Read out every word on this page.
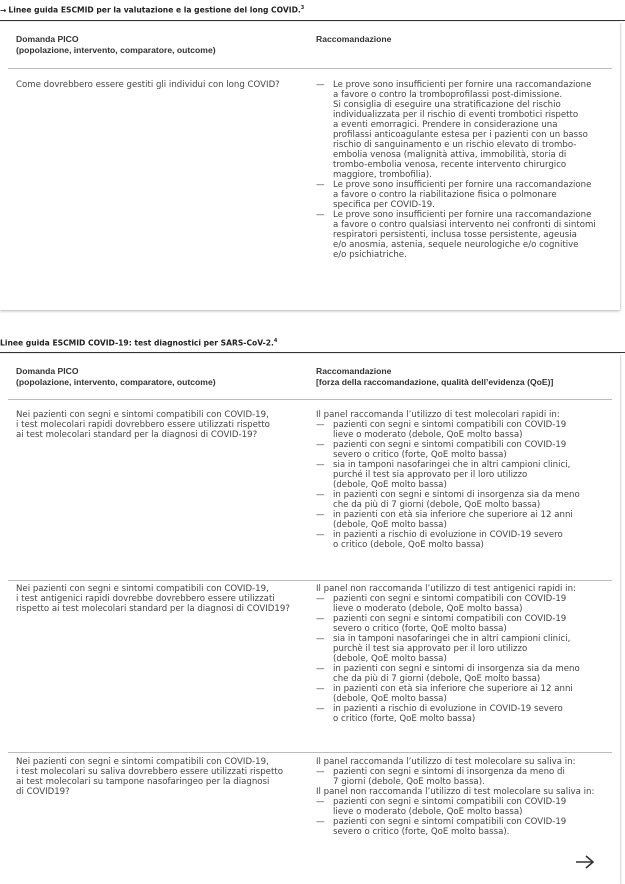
→ Linee guida ESCMID per la valutazione e la gestione del long COVID.$^3$
Domanda PICO
(popolazione, intervento, comparatore, outcome)
Raccomandazione
Come dovrebbero essere gestiti gli individui con long COVID?	— Le prove sono insufficienti per fornire una raccomandazione
a favore o contro la tromboprofilassi post-dimissione.
Si consiglia di eseguire una stratificazione del rischio
individualizzata per il rischio di eventi trombotici rispetto
a eventi emorragici. Prendere in considerazione una
profilassi anticoagulante estesa per i pazienti con un basso
rischio di sanguinamento e un rischio elevato di trombo-
embolia venosa (malignità attiva, immobilità, storia di
trombo-embolia venosa, recente intervento chirurgico
maggiore, trombofilia).
— Le prove sono insufficienti per fornire una raccomandazione
a favore o contro la riabilitazione fisica o polmonare
specifica per COVID-19.
— Le prove sono insufficienti per fornire una raccomandazione
a favore o contro qualsiasi intervento nei confronti di sintomi
respiratori persistenti, inclusa tosse persistente, ageusia
e/o anosmia, astenia, sequele neurologiche e/o cognitive
e/o psichiatriche.
Linee guida ESCMID COVID-19: test diagnostici per SARS-CoV-2.$^4$
Domanda PICO
(popolazione, intervento, comparatore, outcome)
Raccomandazione
[forza della raccomandazione, qualità dell’evidenza (QoE)]
Nei pazienti con segni e sintomi compatibili con COVID-19,
i test molecolari rapidi dovrebbero essere utilizzati rispetto
ai test molecolari standard per la diagnosi di COVID-19?
Il panel raccomanda l’utilizzo di test molecolari rapidi in:
— pazienti con segni e sintomi compatibili con COVID-19
lieve o moderato (debole, QoE molto bassa)
— pazienti con segni e sintomi compatibili con COVID-19
severo o critico (forte, QoE molto bassa)
— sia in tamponi nasofaringei che in altri campioni clinici,
purché il test sia approvato per il loro utilizzo
(debole, QoE molto bassa)
— in pazienti con segni e sintomi di insorgenza sia da meno
che da più di 7 giorni (debole, QoE molto bassa)
— in pazienti con età sia inferiore che superiore ai 12 anni
(debole, QoE molto bassa)
— in pazienti a rischio di evoluzione in COVID-19 severo
o critico (debole, QoE molto bassa)
Nei pazienti con segni e sintomi compatibili con COVID-19,
i test antigenici rapidi dovrebbe dovrebbero essere utilizzati
rispetto ai test molecolari standard per la diagnosi di COVID19?
Il panel non raccomanda l’utilizzo di test antigenici rapidi in:
— pazienti con segni e sintomi compatibili con COVID-19
lieve o moderato (debole, QoE molto bassa)
— pazienti con segni e sintomi compatibili con COVID-19
severo o critico (forte, QoE molto bassa)
— sia in tamponi nasofaringei che in altri campioni clinici,
purchè il test sia approvato per il loro utilizzo
(debole, QoE molto bassa)
— in pazienti con segni e sintomi di insorgenza sia da meno
che da più di 7 giorni (debole, QoE molto bassa)
— in pazienti con età sia inferiore che superiore ai 12 anni
(debole, QoE molto bassa)
— in pazienti a rischio di evoluzione in COVID-19 severo
o critico (forte, QoE molto bassa)
Nei pazienti con segni e sintomi compatibili con COVID-19,
i test molecolari su saliva dovrebbero essere utilizzati rispetto
ai test molecolari su tampone nasofaringeo per la diagnosi
di COVID19?
Il panel raccomanda l’utilizzo di test molecolare su saliva in:
— pazienti con segni e sintomi di insorgenza da meno di
7 giorni (debole, QoE molto bassa).
Il panel non raccomanda l’utilizzo di test molecolare su saliva in:
— pazienti con segni e sintomi compatibili con COVID-19
lieve o moderato (debole, QoE molto bassa)
— pazienti con segni e sintomi compatibili con COVID-19
severo o critico (forte, QoE molto bassa).
